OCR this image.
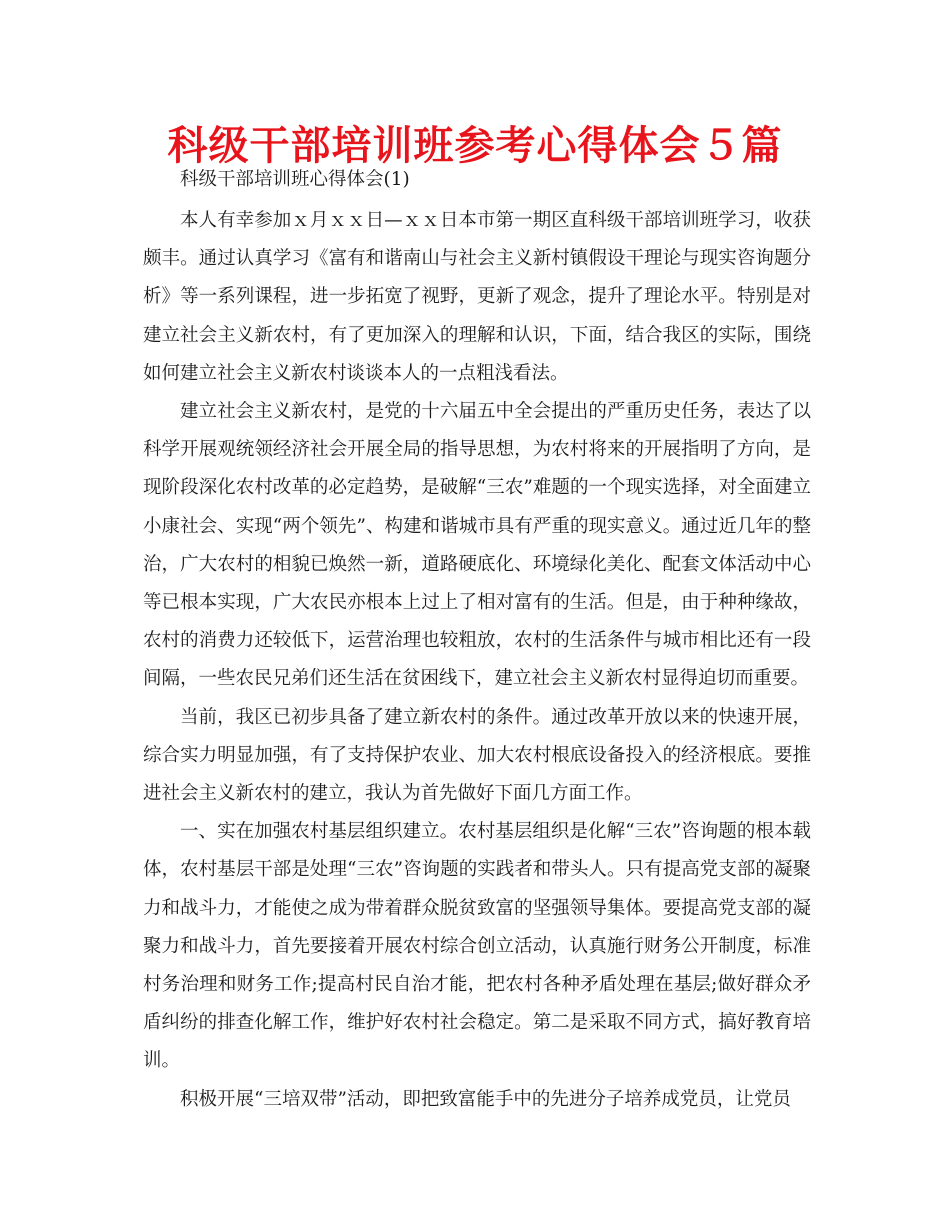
科级干部培训班参考心得体会５篇

科级干部培训班心得体会(1)

本人有幸参加ｘ月ｘｘ日—ｘｘ日本市第一期区直科级干部培训班学习，收获颇丰。通过认真学习《富有和谐南山与社会主义新村镇假设干理论与现实咨询题分析》等一系列课程，进一步拓宽了视野，更新了观念，提升了理论水平。特别是对建立社会主义新农村，有了更加深入的理解和认识，下面，结合我区的实际，围绕如何建立社会主义新农村谈谈本人的一点粗浅看法。

建立社会主义新农村，是党的十六届五中全会提出的严重历史任务，表达了以科学开展观统领经济社会开展全局的指导思想，为农村将来的开展指明了方向，是现阶段深化农村改革的必定趋势，是破解“三农”难题的一个现实选择，对全面建立小康社会、实现“两个领先”、构建和谐城市具有严重的现实意义。通过近几年的整治，广大农村的相貌已焕然一新，道路硬底化、环境绿化美化、配套文体活动中心等已根本实现，广大农民亦根本上过上了相对富有的生活。但是，由于种种缘故，农村的消费力还较低下，运营治理也较粗放，农村的生活条件与城市相比还有一段间隔，一些农民兄弟们还生活在贫困线下，建立社会主义新农村显得迫切而重要。

当前，我区已初步具备了建立新农村的条件。通过改革开放以来的快速开展，综合实力明显加强，有了支持保护农业、加大农村根底设备投入的经济根底。要推进社会主义新农村的建立，我认为首先做好下面几方面工作。

一、实在加强农村基层组织建立。农村基层组织是化解“三农”咨询题的根本载体，农村基层干部是处理“三农”咨询题的实践者和带头人。只有提高党支部的凝聚力和战斗力，才能使之成为带着群众脱贫致富的坚强领导集体。要提高党支部的凝聚力和战斗力，首先要接着开展农村综合创立活动，认真施行财务公开制度，标准村务治理和财务工作;提高村民自治才能，把农村各种矛盾处理在基层;做好群众矛盾纠纷的排查化解工作，维护好农村社会稳定。第二是采取不同方式，搞好教育培训。

积极开展“三培双带”活动，即把致富能手中的先进分子培养成党员，让党员
